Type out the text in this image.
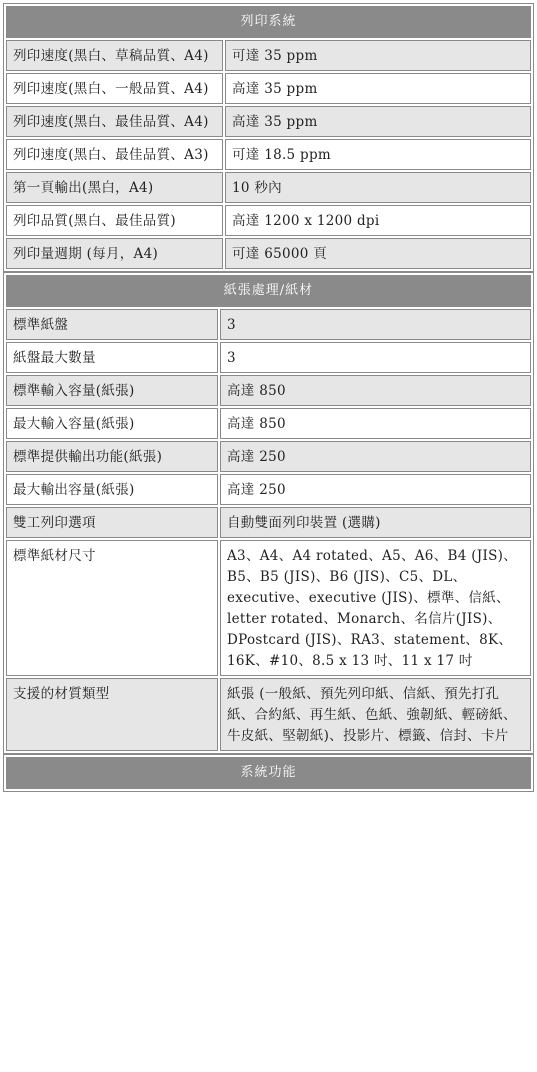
列印系統	
列印速度(黑白、草稿品質、A4)	可達 35 ppm
列印速度(黑白、一般品質、A4)	高達 35 ppm
列印速度(黑白、最佳品質、A4)	高達 35 ppm
列印速度(黑白、最佳品質、A3)	可達 18.5 ppm
第一頁輸出(黑白，A4)	10 秒內
列印品質(黑白、最佳品質)	高達 1200 x 1200 dpi
列印量週期 (每月，A4)	可達 65000 頁
紙張處理/紙材	
標準紙盤	3
紙盤最大數量	3
標準輸入容量(紙張)	高達 850
最大輸入容量(紙張)	高達 850
標準提供輸出功能(紙張)	高達 250
最大輸出容量(紙張)	高達 250
雙工列印選項	自動雙面列印裝置 (選購)
標準紙材尺寸	A3、A4、A4 rotated、A5、A6、B4 (JIS)、B5、B5 (JIS)、B6 (JIS)、C5、DL、executive、executive (JIS)、標準、信紙、letter rotated、Monarch、名信片(JIS)、DPostcard (JIS)、RA3、statement、8K、16K、#10、8.5 x 13 吋、11 x 17 吋
支援的材質類型	紙張 (一般紙、預先列印紙、信紙、預先打孔紙、合約紙、再生紙、色紙、強韌紙、輕磅紙、牛皮紙、堅韌紙)、投影片、標籤、信封、卡片
系統功能
